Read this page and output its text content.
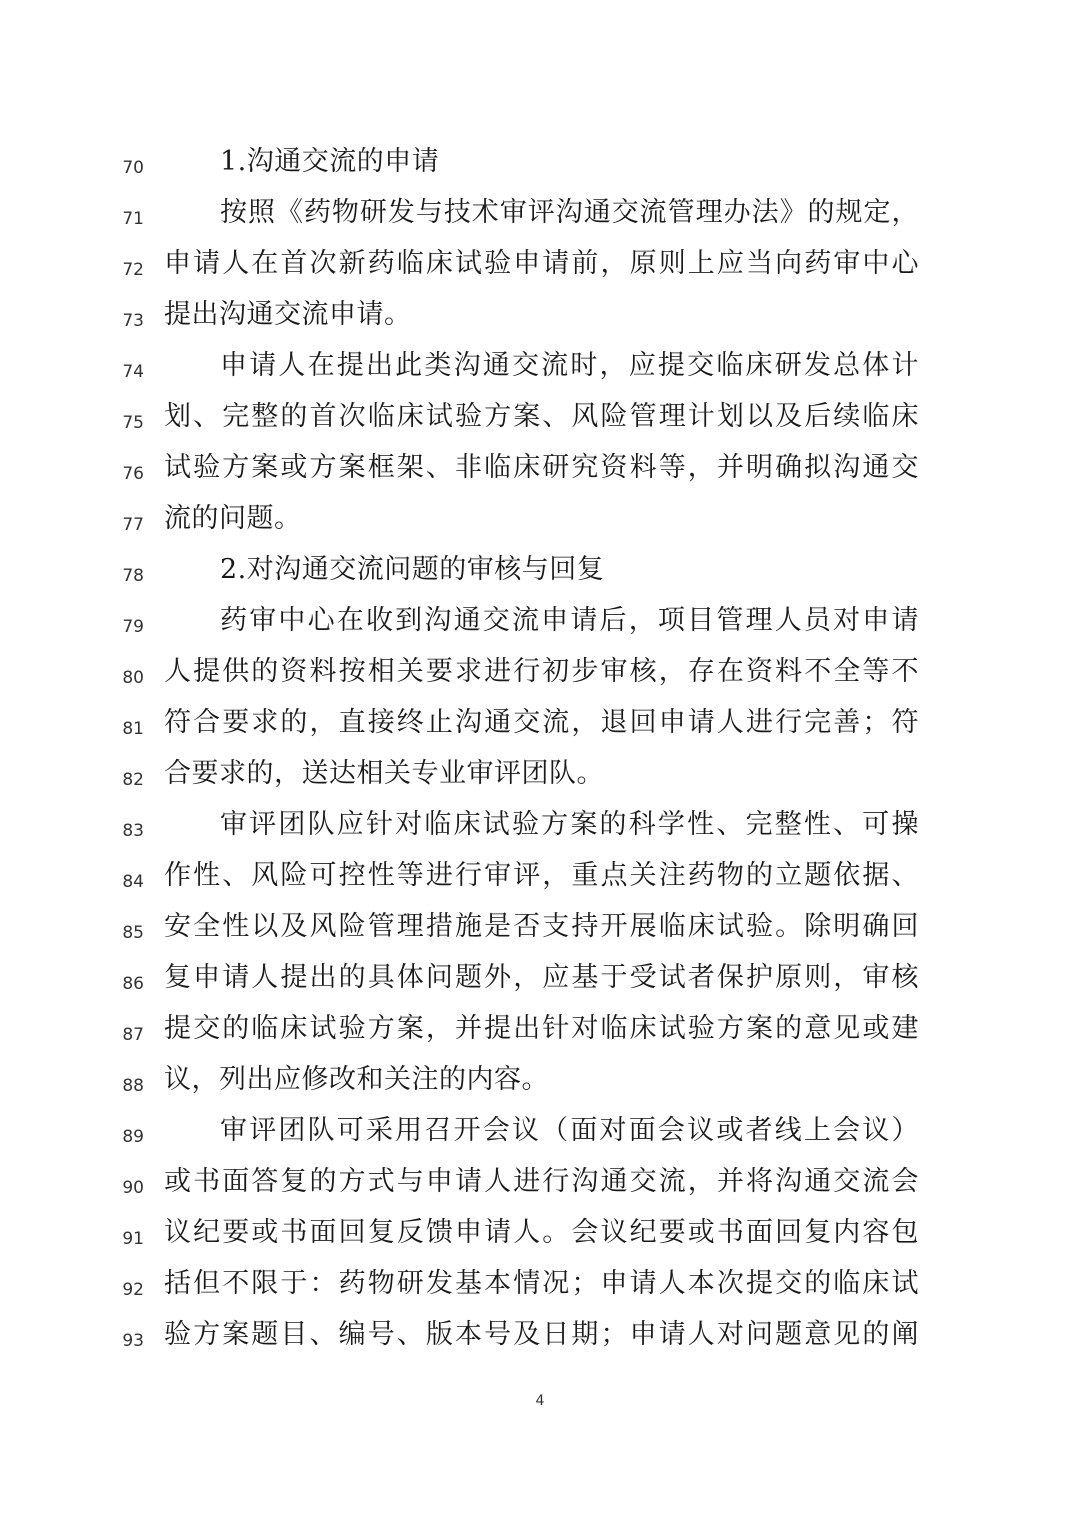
70	1.沟通交流的申请
71	按照《药物研发与技术审评沟通交流管理办法》的规定，
72 申请人在首次新药临床试验申请前，原则上应当向药审中心
73 提出沟通交流申请。
74	申请人在提出此类沟通交流时，应提交临床研发总体计
75 划、完整的首次临床试验方案、风险管理计划以及后续临床
76 试验方案或方案框架、非临床研究资料等，并明确拟沟通交
77 流的问题。
78	2.对沟通交流问题的审核与回复
79	药审中心在收到沟通交流申请后，项目管理人员对申请
80 人提供的资料按相关要求进行初步审核，存在资料不全等不
81 符合要求的，直接终止沟通交流，退回申请人进行完善；符
82 合要求的，送达相关专业审评团队。
83	审评团队应针对临床试验方案的科学性、完整性、可操
84 作性、风险可控性等进行审评，重点关注药物的立题依据、
85 安全性以及风险管理措施是否支持开展临床试验。除明确回
86 复申请人提出的具体问题外，应基于受试者保护原则，审核
87 提交的临床试验方案，并提出针对临床试验方案的意见或建
88 议，列出应修改和关注的内容。
89	审评团队可采用召开会议（面对面会议或者线上会议）
90 或书面答复的方式与申请人进行沟通交流，并将沟通交流会
91 议纪要或书面回复反馈申请人。会议纪要或书面回复内容包
92 括但不限于：药物研发基本情况；申请人本次提交的临床试
93 验方案题目、编号、版本号及日期；申请人对问题意见的阐
4
